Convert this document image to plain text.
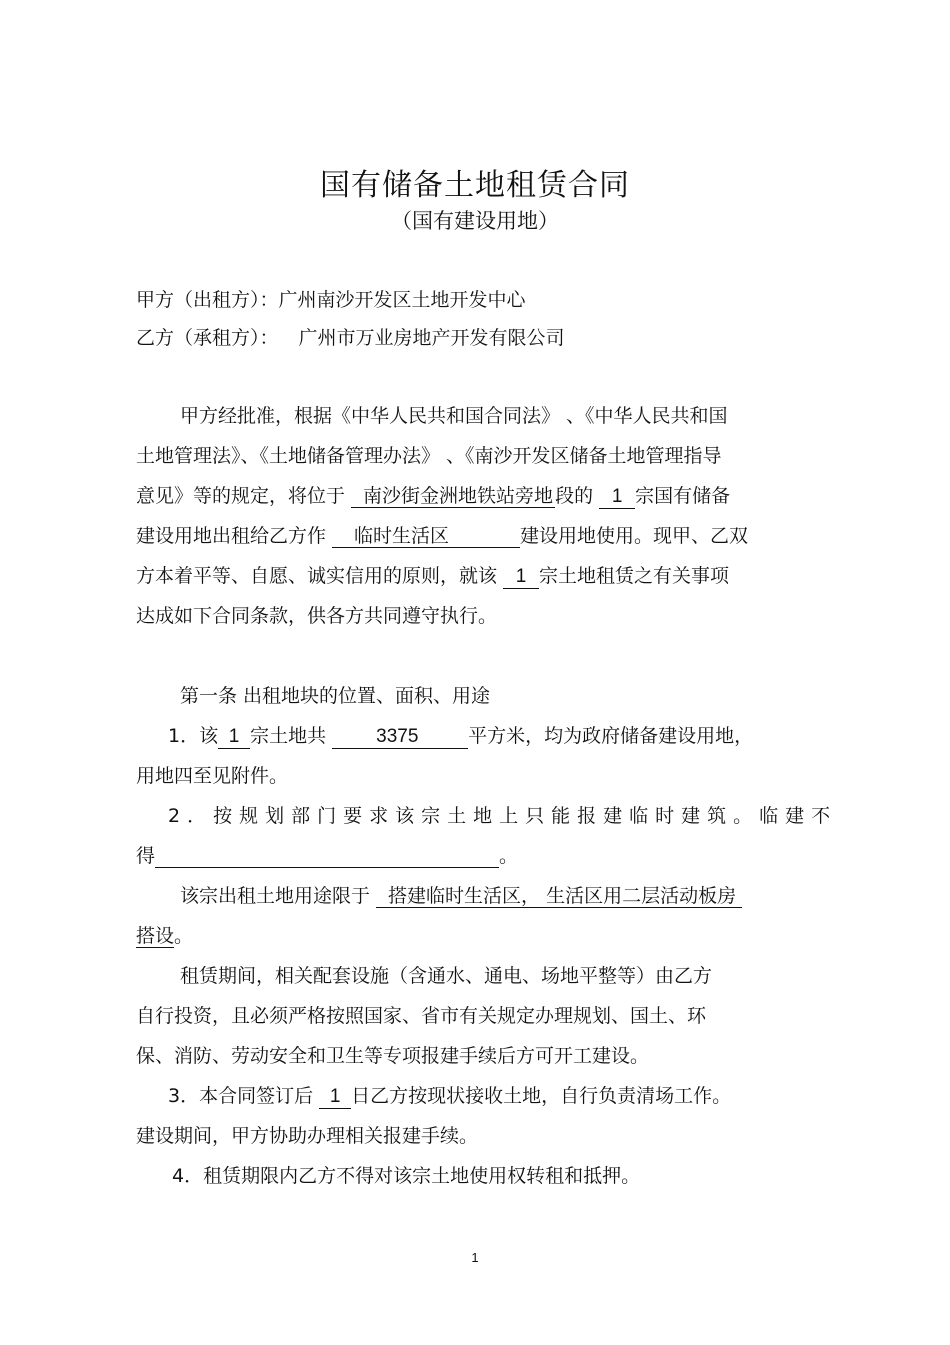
国有储备土地租赁合同
（国有建设用地）
甲方（出租方）：广州南沙开发区土地开发中心
乙方（承租方）： 广州市万业房地产开发有限公司
甲方经批准，根据《中华人民共和国合同法》 、《中华人民共和国
土地管理法》、《土地储备管理办法》 、《南沙开发区储备土地管理指导
意见》等的规定，将位于 南沙街金洲地铁站旁地 段的 1 宗国有储备
建设用地出租给乙方作 临时生活区	建设用地使用。现甲、乙双
方本着平等、自愿、诚实信用的原则，就该 1 宗土地租赁之有关事项
达成如下合同条款，供各方共同遵守执行。
第一条 出租地块的位置、面积、用途
1．该 1 宗土地共 3375	平方米，均为政府储备建设用地，
用地四至见附件。
2．按规划部门要求该宗土地上只能报建临时建筑。临建不
得	。
该宗出租土地用途限于 搭建临时生活区， 生活区用二层活动板房
搭设。
租赁期间，相关配套设施（含通水、通电、场地平整等）由乙方
自行投资，且必须严格按照国家、省市有关规定办理规划、国土、环
保、消防、劳动安全和卫生等专项报建手续后方可开工建设。
3．本合同签订后 1 日乙方按现状接收土地，自行负责清场工作。
建设期间，甲方协助办理相关报建手续。
4．租赁期限内乙方不得对该宗土地使用权转租和抵押。
1
